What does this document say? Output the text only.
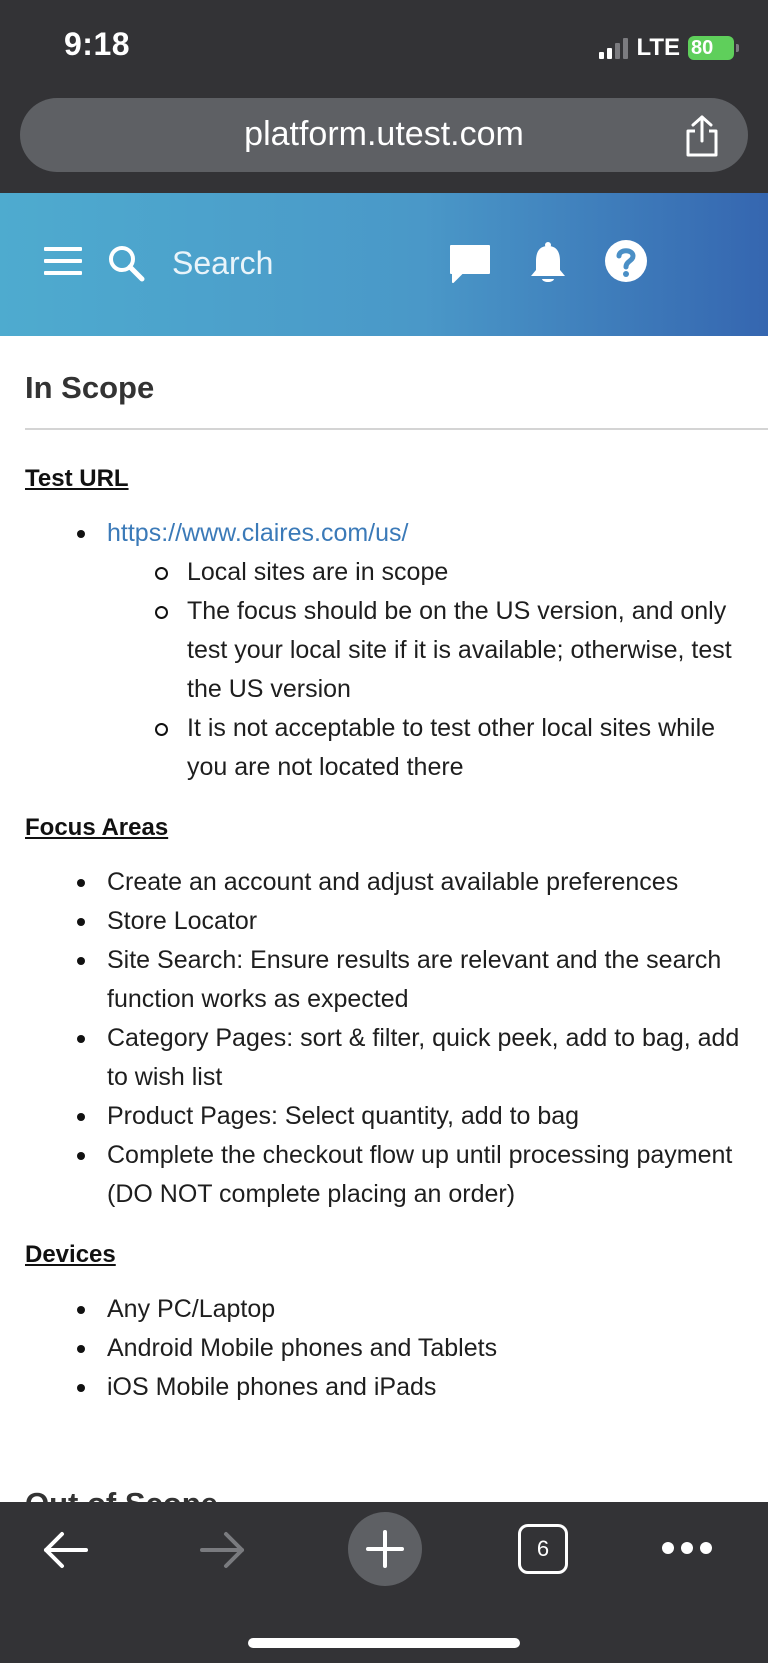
9:18	LTE 80
platform.utest.com
Search
In Scope
Test URL
https://www.claires.com/us/
Local sites are in scope
The focus should be on the US version, and only test your local site if it is available; otherwise, test the US version
It is not acceptable to test other local sites while you are not located there
Focus Areas
Create an account and adjust available preferences
Store Locator
Site Search: Ensure results are relevant and the search function works as expected
Category Pages: sort & filter, quick peek, add to bag, add to wish list
Product Pages: Select quantity, add to bag
Complete the checkout flow up until processing payment (DO NOT complete placing an order)
Devices
Any PC/Laptop
Android Mobile phones and Tablets
iOS Mobile phones and iPads
6
